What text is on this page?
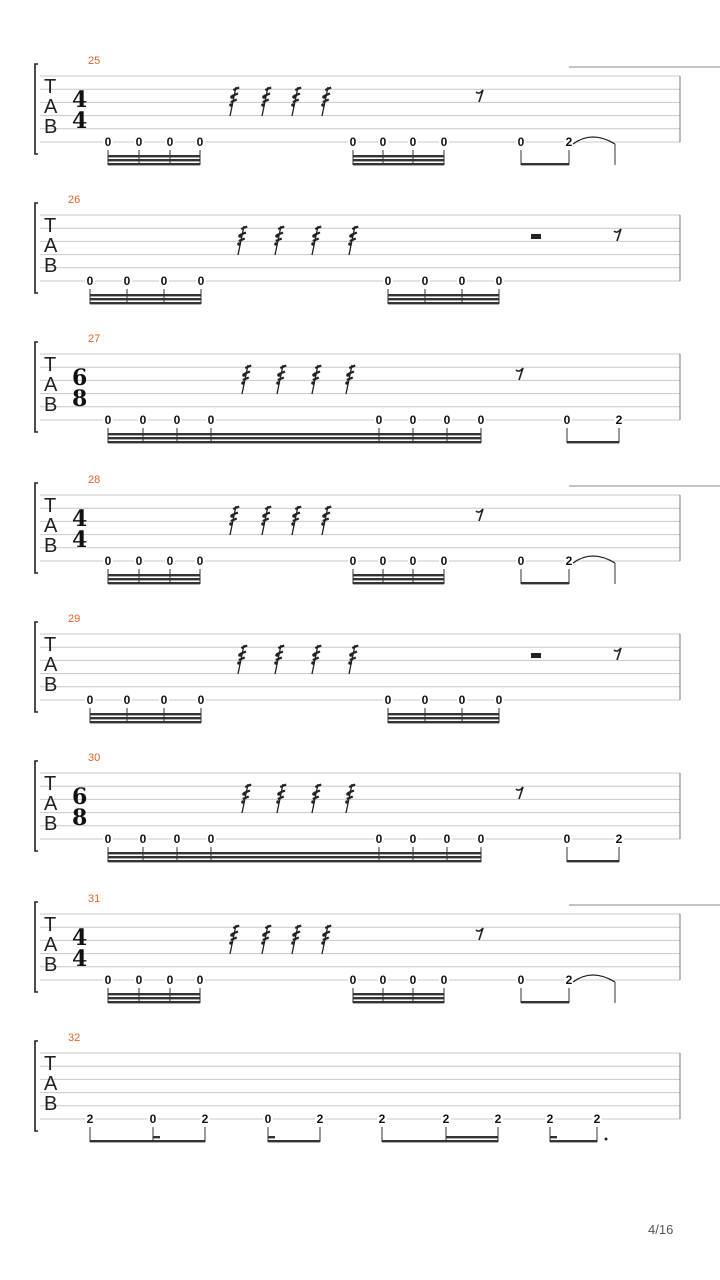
25
T
A
B
4
4
0 0 0 0	0 0 0 0	0	2
26
T
A
B
0	0	0	0	0	0	0	0
27
T
A
B
6
8
0 0 0 0	0 0 0 0	0	2
28
T
A
B
4
4
0 0 0 0	0 0 0 0	0	2
29
T
A
B
0	0	0	0	0	0	0	0
30
T
A
B
6
8
0 0 0 0	0 0 0 0	0	2
31
T
A
B
4
4
0 0 0 0	0 0 0 0	0	2
32
T
A
B
2	0	2	0	2	2	2	2	2	2
4/16
